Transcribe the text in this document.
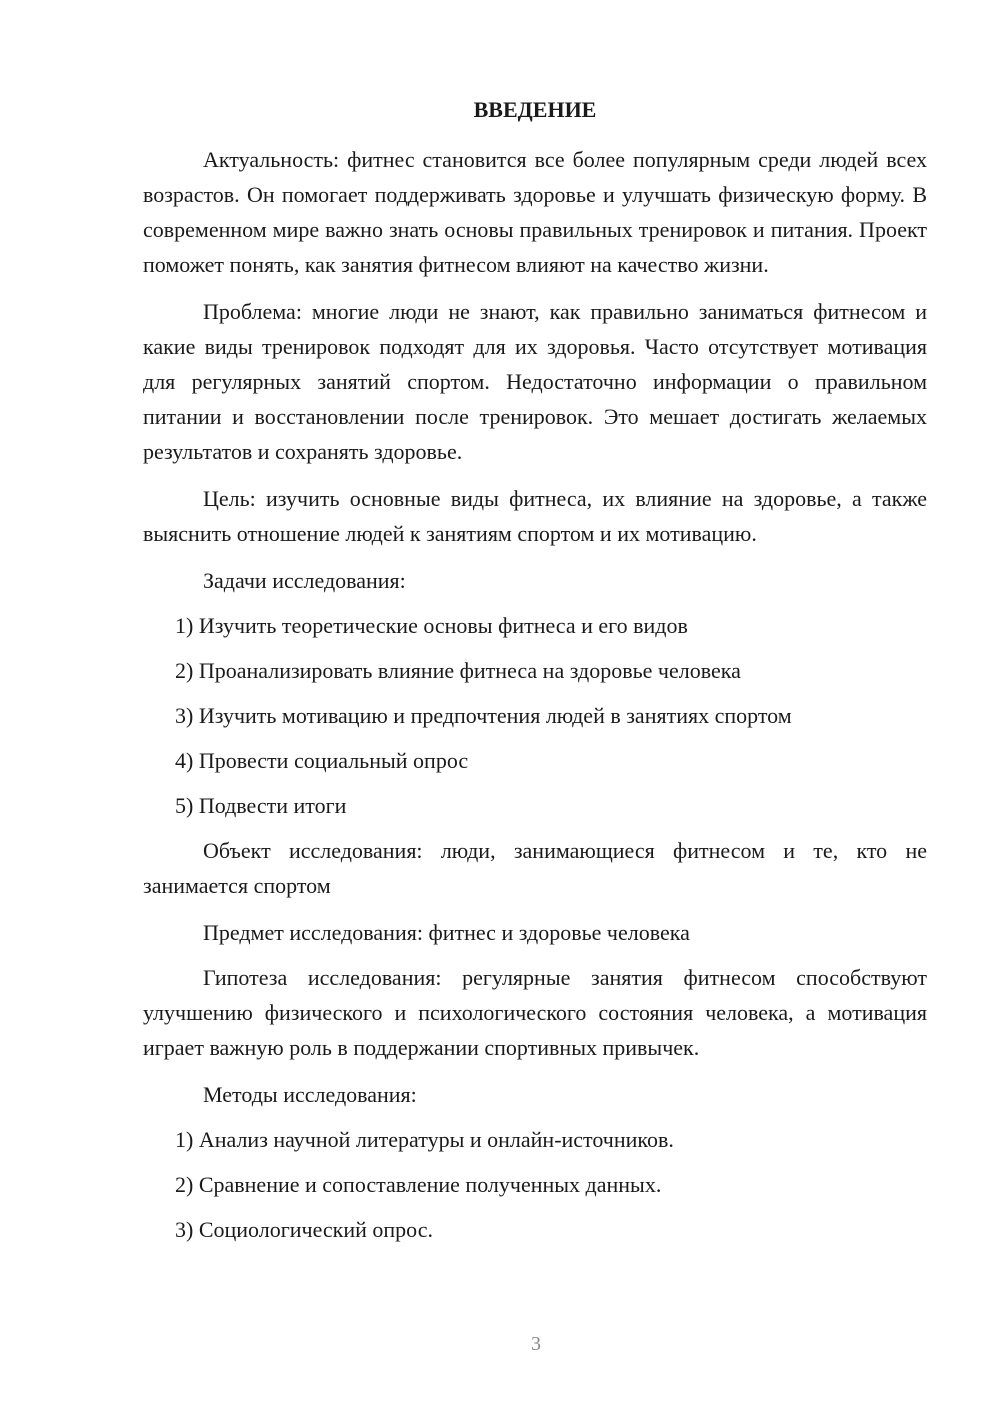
ВВЕДЕНИЕ

Актуальность: фитнес становится все более популярным среди людей всех возрастов. Он помогает поддерживать здоровье и улучшать физическую форму. В современном мире важно знать основы правильных тренировок и питания. Проект поможет понять, как занятия фитнесом влияют на качество жизни.

Проблема: многие люди не знают, как правильно заниматься фитнесом и какие виды тренировок подходят для их здоровья. Часто отсутствует мотивация для регулярных занятий спортом. Недостаточно информации о правильном питании и восстановлении после тренировок. Это мешает достигать желаемых результатов и сохранять здоровье.

Цель: изучить основные виды фитнеса, их влияние на здоровье, а также выяснить отношение людей к занятиям спортом и их мотивацию.

Задачи исследования:
1) Изучить теоретические основы фитнеса и его видов
2) Проанализировать влияние фитнеса на здоровье человека
3) Изучить мотивацию и предпочтения людей в занятиях спортом
4) Провести социальный опрос
5) Подвести итоги

Объект исследования: люди, занимающиеся фитнесом и те, кто не занимается спортом

Предмет исследования: фитнес и здоровье человека

Гипотеза исследования: регулярные занятия фитнесом способствуют улучшению физического и психологического состояния человека, а мотивация играет важную роль в поддержании спортивных привычек.

Методы исследования:
1) Анализ научной литературы и онлайн-источников.
2) Сравнение и сопоставление полученных данных.
3) Социологический опрос.
3
